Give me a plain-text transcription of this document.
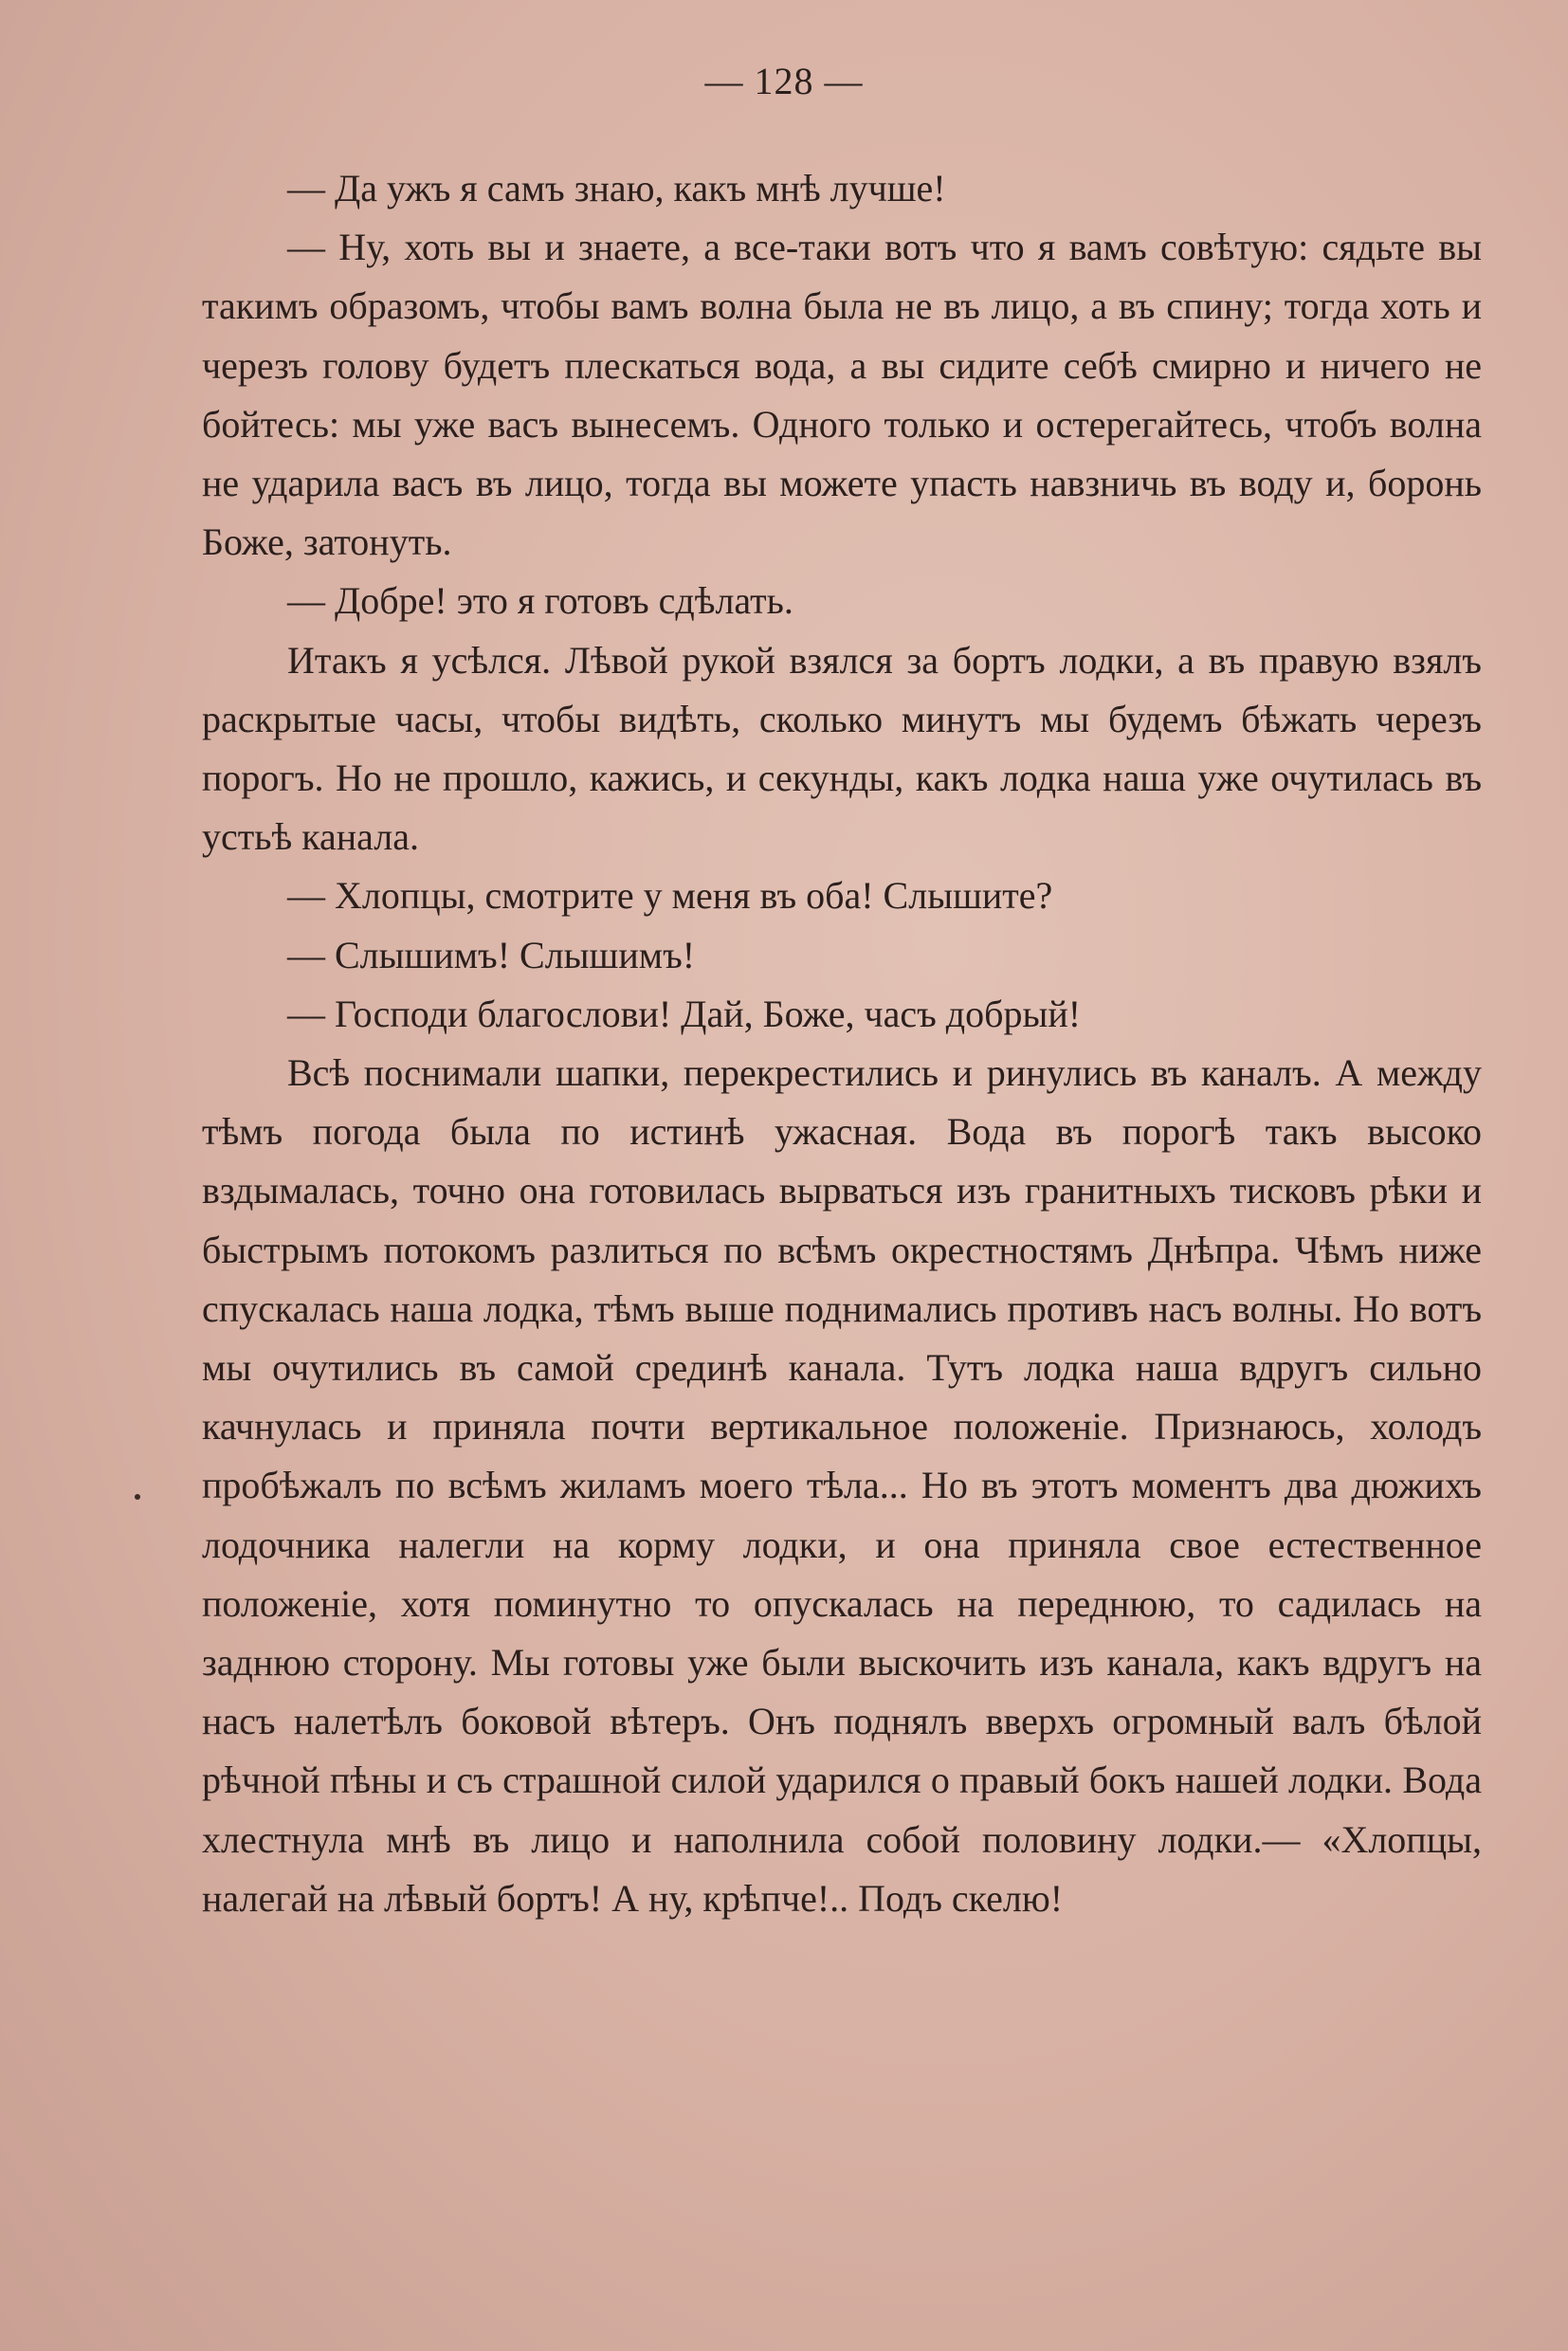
— 128 —

— Да ужъ я самъ знаю, какъ мнѣ лучше!

— Ну, хоть вы и знаете, а все-таки вотъ что я вамъ совѣтую: сядьте вы такимъ образомъ, чтобы вамъ волна была не въ лицо, а въ спину; тогда хоть и черезъ голову будетъ плескаться вода, а вы сидите себѣ смирно и ничего не бойтесь: мы уже васъ вынесемъ. Одного только и остерегайтесь, чтобъ волна не ударила васъ въ лицо, тогда вы можете упасть навзничь въ воду и, боронь Боже, затонуть.

— Добре! это я готовъ сдѣлать.

Итакъ я усѣлся. Лѣвой рукой взялся за бортъ лодки, а въ правую взялъ раскрытые часы, чтобы видѣть, сколько минутъ мы будемъ бѣжать черезъ порогъ. Но не прошло, кажись, и секунды, какъ лодка наша уже очутилась въ устьѣ канала.

— Хлопцы, смотрите у меня въ оба! Слышите?

— Слышимъ! Слышимъ!

— Господи благослови! Дай, Боже, часъ добрый!

Всѣ поснимали шапки, перекрестились и ринулись въ каналъ. А между тѣмъ погода была по истинѣ ужасная. Вода въ порогѣ такъ высоко вздымалась, точно она готовилась вырваться изъ гранитныхъ тисковъ рѣки и быстрымъ потокомъ разлиться по всѣмъ окрестностямъ Днѣпра. Чѣмъ ниже спускалась наша лодка, тѣмъ выше поднимались противъ насъ волны. Но вотъ мы очутились въ самой срединѣ канала. Тутъ лодка наша вдругъ сильно качнулась и приняла почти вертикальное положеніе. Признаюсь, холодъ пробѣжалъ по всѣмъ жиламъ моего тѣла... Но въ этотъ моментъ два дюжихъ лодочника налегли на корму лодки, и она приняла свое естественное положеніе, хотя поминутно то опускалась на переднюю, то садилась на заднюю сторону. Мы готовы уже были выскочить изъ канала, какъ вдругъ на насъ налетѣлъ боковой вѣтеръ. Онъ поднялъ вверхъ огромный валъ бѣлой рѣчной пѣны и съ страшной силой ударился о правый бокъ нашей лодки. Вода хлестнула мнѣ въ лицо и наполнила собой половину лодки.— «Хлопцы, налегай на лѣвый бортъ! А ну, крѣпче!.. Подъ скелю!
